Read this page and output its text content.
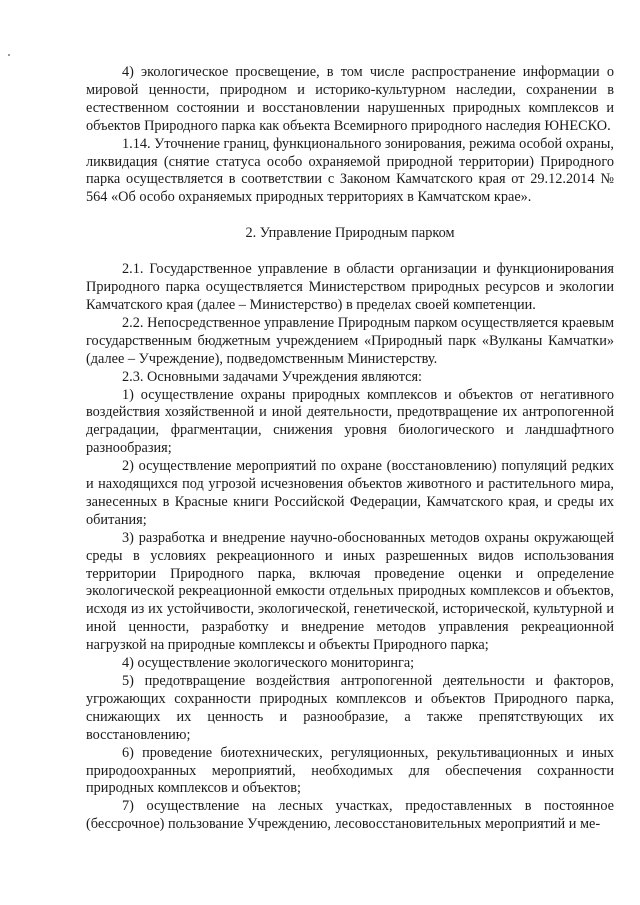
4) экологическое просвещение, в том числе распространение информации о мировой ценности, природном и историко-культурном наследии, сохранении в естественном состоянии и восстановлении нарушенных природных комплексов и объектов Природного парка как объекта Всемирного природного наследия ЮНЕСКО.

1.14. Уточнение границ, функционального зонирования, режима особой охраны, ликвидация (снятие статуса особо охраняемой природной территории) Природного парка осуществляется в соответствии с Законом Камчатского края от 29.12.2014 № 564 «Об особо охраняемых природных территориях в Камчатском крае».

2. Управление Природным парком

2.1. Государственное управление в области организации и функционирования Природного парка осуществляется Министерством природных ресурсов и экологии Камчатского края (далее – Министерство) в пределах своей компетенции.

2.2. Непосредственное управление Природным парком осуществляется краевым государственным бюджетным учреждением «Природный парк «Вулканы Камчатки» (далее – Учреждение), подведомственным Министерству.

2.3. Основными задачами Учреждения являются:

1) осуществление охраны природных комплексов и объектов от негативного воздействия хозяйственной и иной деятельности, предотвращение их антропогенной деградации, фрагментации, снижения уровня биологического и ландшафтного разнообразия;

2) осуществление мероприятий по охране (восстановлению) популяций редких и находящихся под угрозой исчезновения объектов животного и растительного мира, занесенных в Красные книги Российской Федерации, Камчатского края, и среды их обитания;

3) разработка и внедрение научно-обоснованных методов охраны окружающей среды в условиях рекреационного и иных разрешенных видов использования территории Природного парка, включая проведение оценки и определение экологической рекреационной емкости отдельных природных комплексов и объектов, исходя из их устойчивости, экологической, генетической, исторической, культурной и иной ценности, разработку и внедрение методов управления рекреационной нагрузкой на природные комплексы и объекты Природного парка;

4) осуществление экологического мониторинга;

5) предотвращение воздействия антропогенной деятельности и факторов, угрожающих сохранности природных комплексов и объектов Природного парка, снижающих их ценность и разнообразие, а также препятствующих их восстановлению;

6) проведение биотехнических, регуляционных, рекультивационных и иных природоохранных мероприятий, необходимых для обеспечения сохранности природных комплексов и объектов;

7) осуществление на лесных участках, предоставленных в постоянное (бессрочное) пользование Учреждению, лесовосстановительных мероприятий и ме-
